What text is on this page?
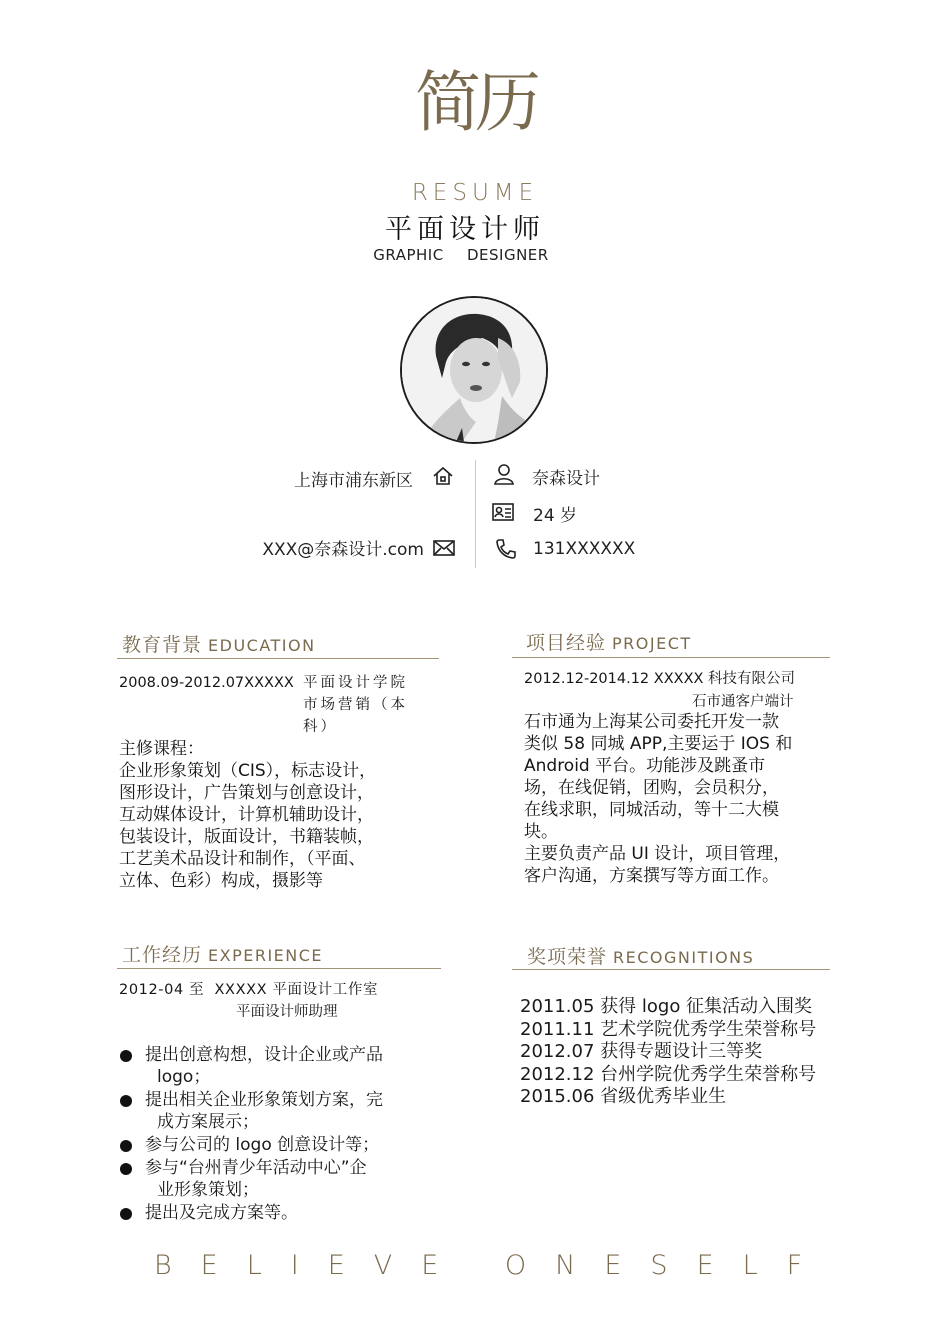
简历
RESUME
平面设计师
GRAPHIC DESIGNER
上海市浦东新区
XXX@奈森设计.com
奈森设计
24 岁
131XXXXXX
教育背景 EDUCATION
2008.09-2012.07XXXXX 平面设计学院
市场营销（本
科）
主修课程：
企业形象策划（CIS），标志设计，
图形设计，广告策划与创意设计，
互动媒体设计，计算机辅助设计，
包装设计，版面设计，书籍装帧，
工艺美术品设计和制作，（平面、
立体、色彩）构成，摄影等
项目经验 PROJECT
2012.12-2014.12 XXXXX 科技有限公司
石市通客户端计
石市通为上海某公司委托开发一款
类似 58 同城 APP,主要运于 IOS 和
Android 平台。功能涉及跳蚤市
场，在线促销，团购，会员积分，
在线求职，同城活动，等十二大模
块。
主要负责产品 UI 设计，项目管理，
客户沟通，方案撰写等方面工作。
工作经历 EXPERIENCE
2012-04 至  XXXXX 平面设计工作室
平面设计师助理
提出创意构想，设计企业或产品
logo；
提出相关企业形象策划方案，完
成方案展示；
参与公司的 logo 创意设计等；
参与“台州青少年活动中心”企
业形象策划；
提出及完成方案等。
奖项荣誉 RECOGNITIONS
2011.05 获得 logo 征集活动入围奖
2011.11 艺术学院优秀学生荣誉称号
2012.07 获得专题设计三等奖
2012.12 台州学院优秀学生荣誉称号
2015.06 省级优秀毕业生
BELIEVE ONESELF
